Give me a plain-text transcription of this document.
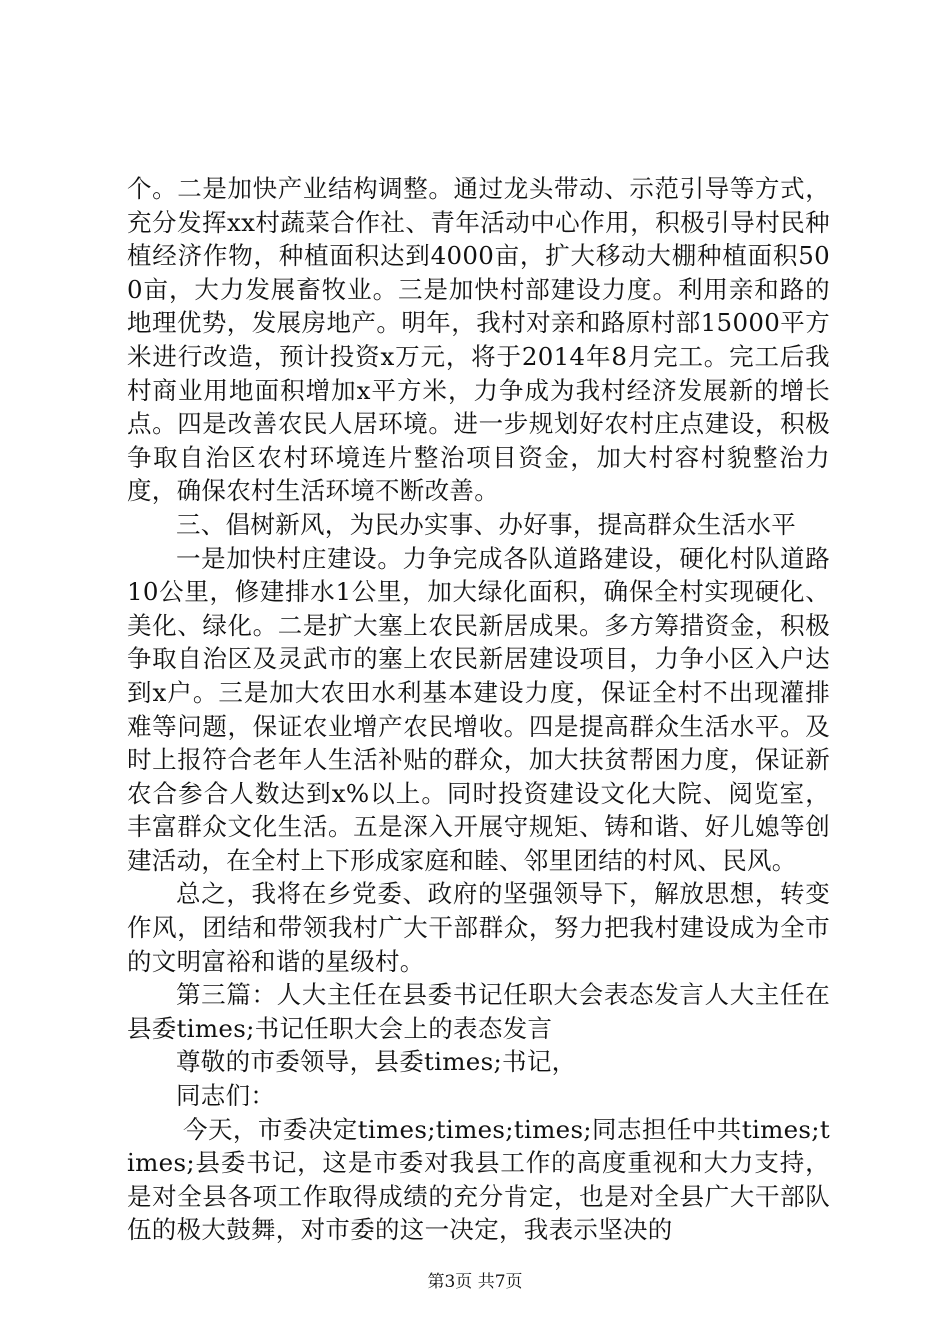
个。二是加快产业结构调整。通过龙头带动、示范引导等方式，充分发挥xx村蔬菜合作社、青年活动中心作用，积极引导村民种植经济作物，种植面积达到4000亩，扩大移动大棚种植面积500亩，大力发展畜牧业。三是加快村部建设力度。利用亲和路的地理优势，发展房地产。明年，我村对亲和路原村部15000平方米进行改造，预计投资x万元，将于2014年8月完工。完工后我村商业用地面积增加x平方米，力争成为我村经济发展新的增长点。四是改善农民人居环境。进一步规划好农村庄点建设，积极争取自治区农村环境连片整治项目资金，加大村容村貌整治力度，确保农村生活环境不断改善。

三、倡树新风，为民办实事、办好事，提高群众生活水平

一是加快村庄建设。力争完成各队道路建设，硬化村队道路10公里，修建排水1公里，加大绿化面积，确保全村实现硬化、美化、绿化。二是扩大塞上农民新居成果。多方筹措资金，积极争取自治区及灵武市的塞上农民新居建设项目，力争小区入户达到x户。三是加大农田水利基本建设力度，保证全村不出现灌排难等问题，保证农业增产农民增收。四是提高群众生活水平。及时上报符合老年人生活补贴的群众，加大扶贫帮困力度，保证新农合参合人数达到x%以上。同时投资建设文化大院、阅览室，丰富群众文化生活。五是深入开展守规矩、铸和谐、好儿媳等创建活动，在全村上下形成家庭和睦、邻里团结的村风、民风。

总之，我将在乡党委、政府的坚强领导下，解放思想，转变作风，团结和带领我村广大干部群众，努力把我村建设成为全市的文明富裕和谐的星级村。

第三篇：人大主任在县委书记任职大会表态发言人大主任在县委times;书记任职大会上的表态发言

尊敬的市委领导，县委times;书记，

同志们：

今天，市委决定times;times;times;同志担任中共times;times;县委书记，这是市委对我县工作的高度重视和大力支持，是对全县各项工作取得成绩的充分肯定，也是对全县广大干部队伍的极大鼓舞，对市委的这一决定，我表示坚决的

第3页 共7页
